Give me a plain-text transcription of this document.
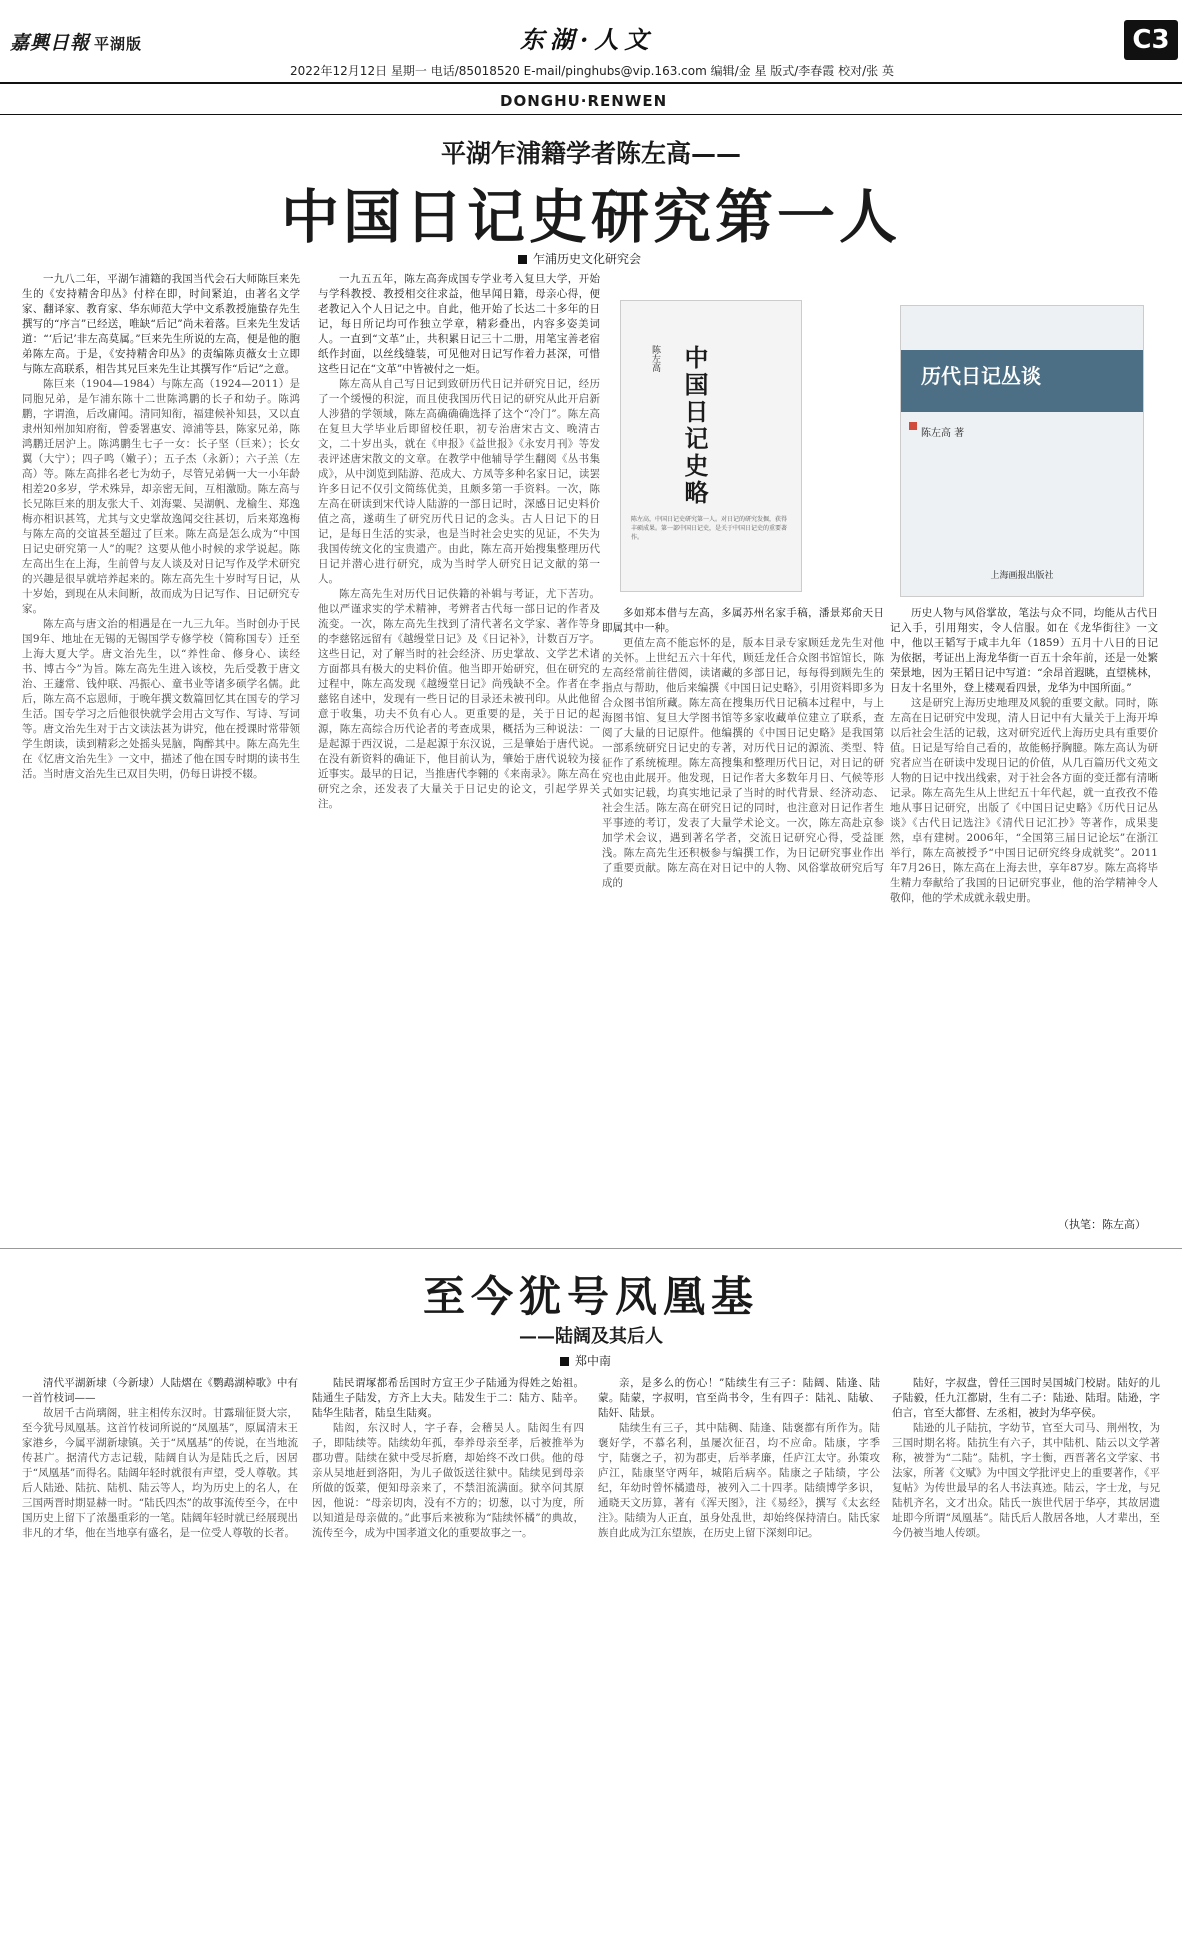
嘉興日報 平湖版	东湖·人文	C3
2022年12月12日 星期一 电话/85018520 E-mail/pinghubs@vip.163.com 编辑/金 星 版式/李春霞 校对/张 英
DONGHU·RENWEN
平湖乍浦籍学者陈左高——
中国日记史研究第一人
乍浦历史文化研究会

一九八二年，平湖乍浦籍的我国当代会石大师陈巨来先生的《安持精舍印丛》付梓在即，时间紧迫，由著名文学家、翻译家、教育家、华东师范大学中文系教授施蛰存先生撰写的“序言”已经送，唯缺“后记”尚未着落。巨来先生发话道：“‘后记’非左高莫属。”巨来先生所说的左高，便是他的胞弟陈左高。于是，《安持精舍印丛》的责编陈贞薇女士立即与陈左高联系，相告其兄巨来先生让其撰写作“后记”之意。

陈巨来（1904—1984）与陈左高（1924—2011）是同胞兄弟，是乍浦东陈十二世陈鸿鹏的长子和幼子。陈鸿鹏，字谓渔，后改庸闻。清同知衔，福建候补知县，又以直隶州知州加知府衔，曾委署惠安、漳浦等县，陈家兄弟，陈鸿鹏迁居沪上。陈鸿鹏生七子一女：长子坚（巨来）；长女翼（大宁）；四子鸣（嫩子）；五子杰（永新）；六子羔（左高）等。陈左高排名老七为幼子，尽管兄弟俩一大一小年龄相差20多岁，学术殊异，却亲密无间，互相激励。陈左高与长兄陈巨来的朋友张大千、刘海粟、吴湖帆、龙榆生、郑逸梅亦相识甚笃，尤其与文史掌故逸闻交往甚切，后来郑逸梅与陈左高的交谊甚至超过了巨来。陈左高是怎么成为“中国日记史研究第一人”的呢？这要从他小时候的求学说起。陈左高出生在上海，生前曾与友人谈及对日记写作及学术研究的兴趣是很早就培养起来的。陈左高先生十岁时写日记，从十岁始，到现在从未间断，故而成为日记写作、日记研究专家。

陈左高与唐文治的相遇是在一九三九年。当时创办于民国9年、地址在无锡的无锡国学专修学校（简称国专）迁至上海大夏大学。唐文治先生，以“养性命、修身心、读经书、博古今”为旨。陈左高先生进入该校，先后受教于唐文治、王蘧常、钱仲联、冯振心、童书业等诸多硕学名儒。此后，陈左高不忘恩师，于晚年撰文数篇回忆其在国专的学习生活。国专学习之后他很快就学会用古文写作、写诗、写词等。唐文治先生对于古文读法甚为讲究，他在授课时常带领学生朗读，读到精彩之处摇头晃脑，陶醉其中。陈左高先生在《忆唐文治先生》一文中，描述了他在国专时期的读书生活。当时唐文治先生已双目失明，仍每日讲授不辍。

一九五五年，陈左高奔成国专学业考入复旦大学，开始与学科教授、教授相交往求益，他早闻日籍，母亲心得，便老教记入个人日记之中。自此，他开始了长达二十多年的日记，每日所记均可作独立学章，精彩叠出，内容多姿美词人。一直到“文革”止，共积累日记三十二册，用笔宝善老宿纸作封面，以丝线缝装，可见他对日记写作着力甚深，可惜这些日记在“文革”中皆被付之一炬。

陈左高从自己写日记到致研历代日记并研究日记，经历了一个缓慢的积淀，而且使我国历代日记的研究从此开启新人涉猎的学领域，陈左高确确确选择了这个“冷门”。陈左高在复旦大学毕业后即留校任职，初专治唐宋古文、晚清古文，二十岁出头，就在《申报》《益世报》《永安月刊》等发表评述唐宋散文的文章。在教学中他辅导学生翻阅《丛书集成》，从中浏览到陆游、范成大、方凤等多种名家日记，读罢许多日记不仅引文简练优美，且颇多第一手资料。一次，陈左高在研读到宋代诗人陆游的一部日记时，深感日记史料价值之高，遂萌生了研究历代日记的念头。古人日记下的日记，是每日生活的实录，也是当时社会史实的见证，不失为我国传统文化的宝贵遗产。由此，陈左高开始搜集整理历代日记并潜心进行研究，成为当时学人研究日记文献的第一人。

陈左高先生对历代日记佚籍的补辑与考证，尤下苦功。他以严谨求实的学术精神，考辨者古代每一部日记的作者及流变。一次，陈左高先生找到了清代著名文学家、著作等身的李慈铭远留有《越缦堂日记》及《日记补》，计数百万字。这些日记，对了解当时的社会经济、历史掌故、文学艺术诸方面都具有极大的史料价值。他当即开始研究，但在研究的过程中，陈左高发现《越缦堂日记》尚残缺不全。作者在李慈铭自述中，发现有一些日记的目录还未被刊印。从此他留意于收集，功夫不负有心人。更重要的是，关于日记的起源，陈左高综合历代论者的考查成果，概括为三种说法：一是起源于西汉说，二是起源于东汉说，三是肇始于唐代说。在没有新资料的确证下，他目前认为，肇始于唐代说较为接近事实。最早的日记，当推唐代李翱的《来南录》。陈左高在研究之余，还发表了大量关于日记史的论文，引起学界关注。

陈左高 中国日记史略
陈左高，中国日记史研究第一人。对日记的研究发掘，获得丰硕成果。第一部中国日记史，是关于中国日记史的重要著作。
历代日记丛谈
陈左高 著
上海画报出版社

多如郑本借与左高，多属苏州名家手稿，潘景郑俞天日即属其中一种。

更值左高不能忘怀的是，版本目录专家顾廷龙先生对他的关怀。上世纪五六十年代，顾廷龙任合众图书馆馆长，陈左高经常前往借阅，读诸藏的多部日记，每每得到顾先生的指点与帮助，他后来编撰《中国日记史略》，引用资料即多为合众图书馆所藏。陈左高在搜集历代日记稿本过程中，与上海图书馆、复旦大学图书馆等多家收藏单位建立了联系，查阅了大量的日记原件。他编撰的《中国日记史略》是我国第一部系统研究日记史的专著，对历代日记的源流、类型、特征作了系统梳理。陈左高搜集和整理历代日记，对日记的研究也由此展开。他发现，日记作者大多数年月日、气候等形式如实记载，均真实地记录了当时的时代背景、经济动态、社会生活。陈左高在研究日记的同时，也注意对日记作者生平事迹的考订，发表了大量学术论文。一次，陈左高赴京参加学术会议，遇到著名学者，交流日记研究心得，受益匪浅。陈左高先生还积极参与编撰工作，为日记研究事业作出了重要贡献。陈左高在对日记中的人物、风俗掌故研究后写成的

历史人物与风俗掌故，笔法与众不同，均能从古代日记入手，引用翔实，令人信服。如在《龙华街往》一文中，他以王韬写于咸丰九年（1859）五月十八日的日记为依据，考证出上海龙华街一百五十余年前，还是一处繁荣景地，因为王韬日记中写道：“余昂首遐眺，直望桃林，日友十名里外，登上楼观看四景，龙华为中国所面。”

这是研究上海历史地理及风貌的重要文献。同时，陈左高在日记研究中发现，清人日记中有大量关于上海开埠以后社会生活的记载，这对研究近代上海历史具有重要价值。日记是写给自己看的，故能畅抒胸臆。陈左高认为研究者应当在研读中发现日记的价值，从几百篇历代文苑文人物的日记中找出线索，对于社会各方面的变迁都有清晰记录。陈左高先生从上世纪五十年代起，就一直孜孜不倦地从事日记研究，出版了《中国日记史略》《历代日记丛谈》《古代日记选注》《清代日记汇抄》等著作，成果斐然，卓有建树。2006年，“全国第三届日记论坛”在浙江举行，陈左高被授予“中国日记研究终身成就奖”。2011年7月26日，陈左高在上海去世，享年87岁。陈左高将毕生精力奉献给了我国的日记研究事业，他的治学精神令人敬仰，他的学术成就永载史册。

（执笔：陈左高）
至今犹号凤凰基
——陆阔及其后人
郑中南

清代平湖新埭（今新埭）人陆熠在《鹦鹉湖棹歌》中有一首竹枝词——

故居千古尚璃阁，驻主相传东汉时。甘露瑞征贤大宗，至今犹号凤凰基。这首竹枝词所说的“凤凰基”，原属清末王家港乡，今属平湖新埭镇。关于“凤凰基”的传说，在当地流传甚广。据清代方志记载，陆阔自认为是陆氏之后，因居于“凤凰基”而得名。陆阔年轻时就很有声望，受人尊敬。其后人陆逊、陆抗、陆机、陆云等人，均为历史上的名人，在三国两晋时期显赫一时。“陆氏四杰”的故事流传至今，在中国历史上留下了浓墨重彩的一笔。陆阔年轻时就已经展现出非凡的才华，他在当地享有盛名，是一位受人尊敬的长者。

陆民谓塚都希岳国时方宣王少子陆通为得姓之始祖。陆通生子陆发，方齐上大夫。陆发生于二：陆方、陆辛。陆华生陆者，陆皇生陆爽。

陆闳，东汉时人，字子春，会稽吴人。陆闳生有四子，即陆续等。陆续幼年孤，奉养母亲至孝，后被推举为郡功曹。陆续在狱中受尽折磨，却始终不改口供。他的母亲从吴地赶到洛阳，为儿子做饭送往狱中。陆续见到母亲所做的饭菜，便知母亲来了，不禁泪流满面。狱卒问其原因，他说：“母亲切肉，没有不方的；切葱，以寸为度，所以知道是母亲做的。”此事后来被称为“陆续怀橘”的典故，流传至今，成为中国孝道文化的重要故事之一。

亲，是多么的伤心！”陆续生有三子：陆阔、陆逢、陆蒙。陆蒙，字叔明，官至尚书令，生有四子：陆礼、陆敏、陆奸、陆景。

陆续生有三子，其中陆稠、陆逢、陆褒都有所作为。陆褒好学，不慕名利，虽屡次征召，均不应命。陆康，字季宁，陆褒之子，初为郡吏，后举孝廉，任庐江太守。孙策攻庐江，陆康坚守两年，城陷后病卒。陆康之子陆绩，字公纪，年幼时曾怀橘遗母，被列入二十四孝。陆绩博学多识，通晓天文历算，著有《浑天图》，注《易经》，撰写《太玄经注》。陆绩为人正直，虽身处乱世，却始终保持清白。陆氏家族自此成为江东望族，在历史上留下深刻印记。

陆好，字叔盘，曾任三国时吴国城门校尉。陆好的儿子陆毅，任九江都尉，生有二子：陆逊、陆瑁。陆逊，字伯言，官至大都督、左丞相，被封为华亭侯。

陆逊的儿子陆抗，字幼节，官至大司马、荆州牧，为三国时期名将。陆抗生有六子，其中陆机、陆云以文学著称，被誉为“二陆”。陆机，字士衡，西晋著名文学家、书法家，所著《文赋》为中国文学批评史上的重要著作，《平复帖》为传世最早的名人书法真迹。陆云，字士龙，与兄陆机齐名，文才出众。陆氏一族世代居于华亭，其故居遗址即今所谓“凤凰基”。陆氏后人散居各地，人才辈出，至今仍被当地人传颂。
